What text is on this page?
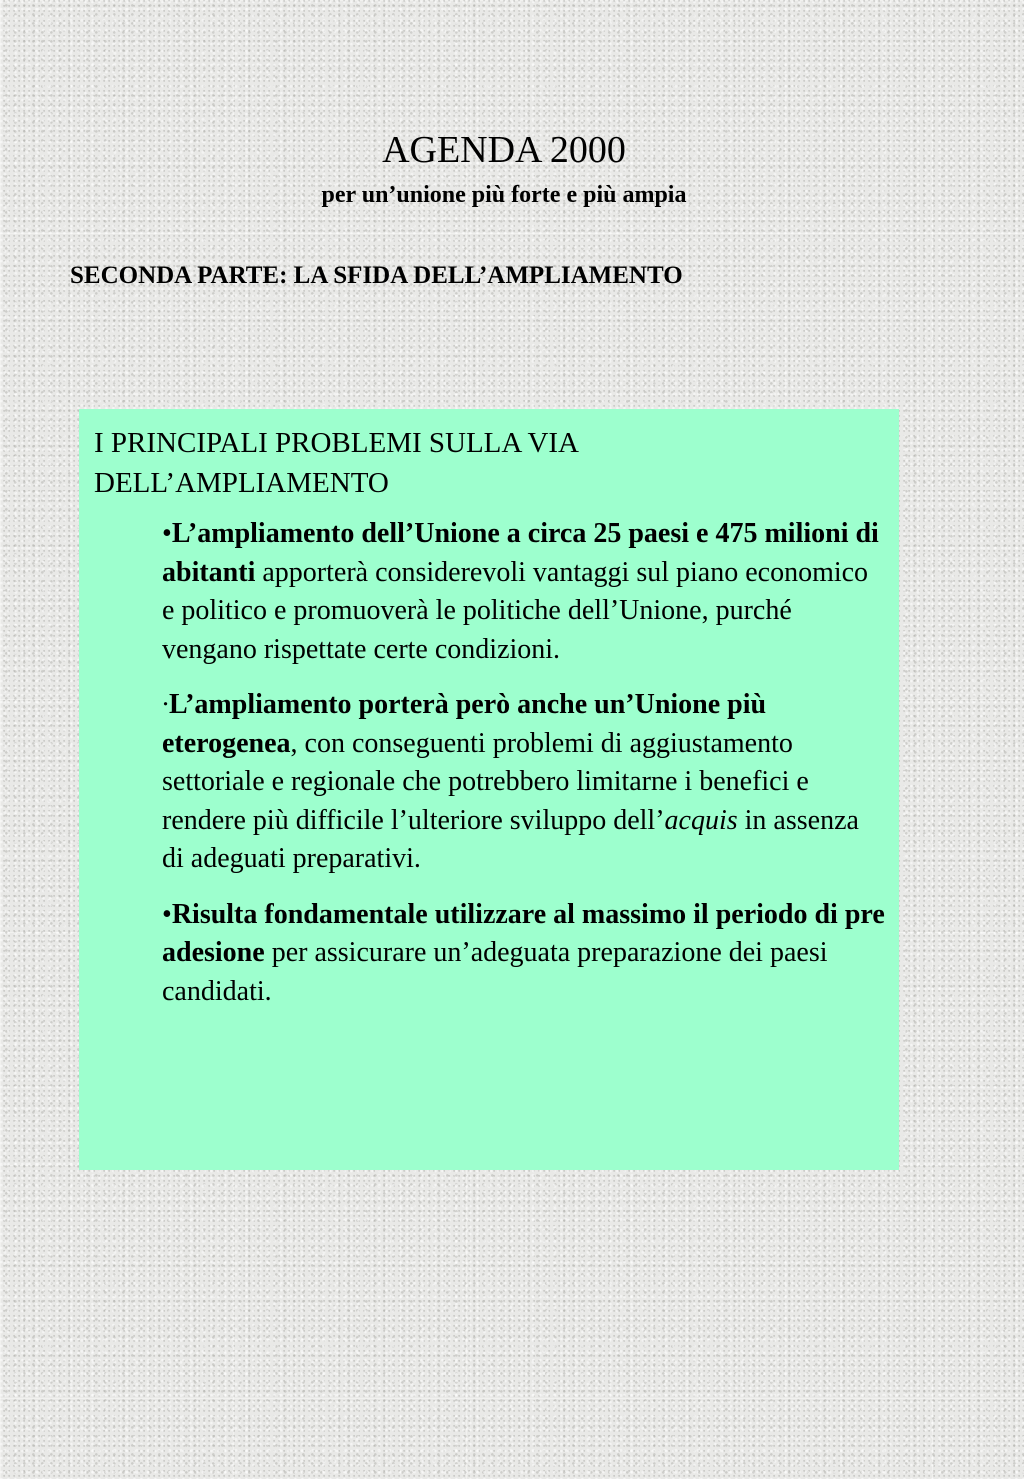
AGENDA 2000

per un’unione più forte e più ampia

SECONDA PARTE: LA SFIDA DELL’AMPLIAMENTO
I PRINCIPALI PROBLEMI SULLA VIA
DELL’AMPLIAMENTO
•L’ampliamento dell’Unione a circa 25 paesi e 475 milioni di abitanti apporterà considerevoli vantaggi sul piano economico e politico e promuoverà le politiche dell’Unione, purché vengano rispettate certe condizioni.
∙L’ampliamento porterà però anche un’Unione più eterogenea, con conseguenti problemi di aggiustamento settoriale e regionale che potrebbero limitarne i benefici e rendere più difficile l’ulteriore sviluppo dell’acquis in assenza di adeguati preparativi.
•Risulta fondamentale utilizzare al massimo il periodo di pre adesione per assicurare un’adeguata preparazione dei paesi candidati.
